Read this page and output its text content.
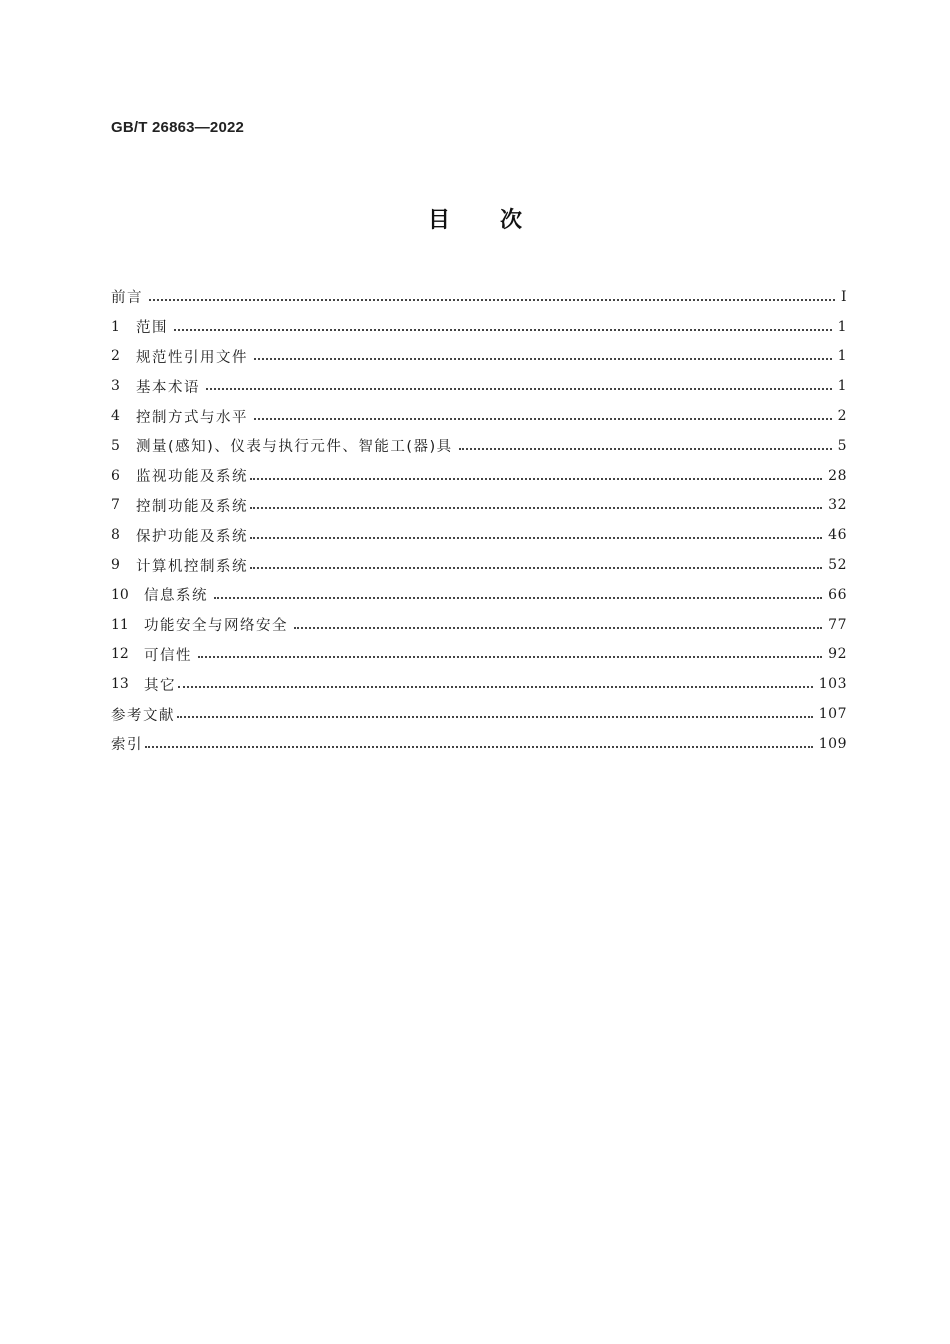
GB/T 26863—2022
目次
前言	I
1	范围	1
2	规范性引用文件	1
3	基本术语	1
4	控制方式与水平	2
5	测量(感知)、仪表与执行元件、智能工(器)具	5
6	监视功能及系统	28
7	控制功能及系统	32
8	保护功能及系统	46
9	计算机控制系统	52
10	信息系统	66
11	功能安全与网络安全	77
12	可信性	92
13	其它	103
参考文献	107
索引	109
